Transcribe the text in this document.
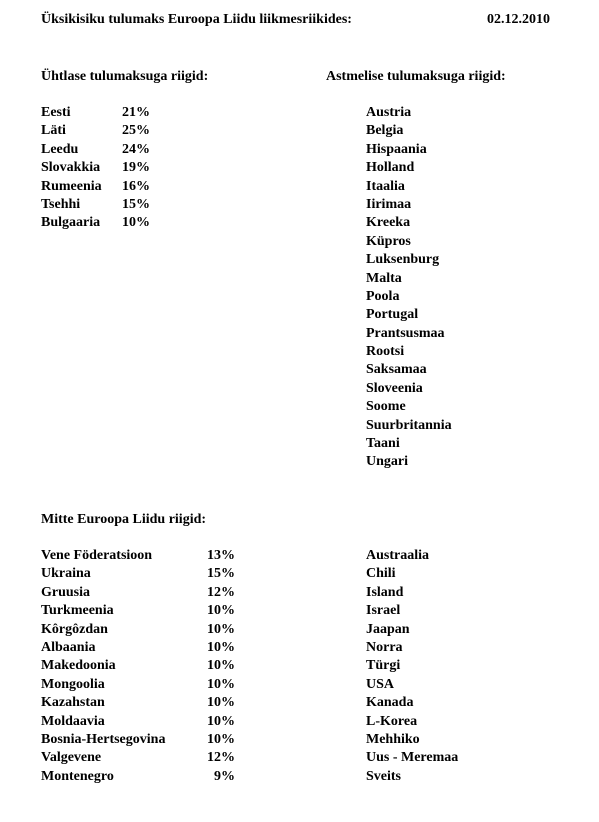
Üksikisiku tulumaks Euroopa Liidu liikmesriikides:	02.12.2010
Ühtlase tulumaksuga riigid:	Astmelise tulumaksuga riigid:
Eesti	21%
Läti	25%
Leedu	24%
Slovakkia 19%
Rumeenia 16%
Tsehhi	15%
Bulgaaria 10%
Austria
Belgia
Hispaania
Holland
Itaalia
Iirimaa
Kreeka
Küpros
Luksenburg
Malta
Poola
Portugal
Prantsusmaa
Rootsi
Saksamaa
Sloveenia
Soome
Suurbritannia
Taani
Ungari
Mitte Euroopa Liidu riigid:
Vene Föderatsioon	13%
Ukraina	15%
Gruusia	12%
Turkmeenia	10%
Kôrgôzdan	10%
Albaania	10%
Makedoonia	10%
Mongoolia	10%
Kazahstan	10%
Moldaavia	10%
Bosnia-Hertsegovina	10%
Valgevene	12%
Montenegro	9%
Austraalia
Chili
Island
Israel
Jaapan
Norra
Türgi
USA
Kanada
L-Korea
Mehhiko
Uus - Meremaa
Sveits
